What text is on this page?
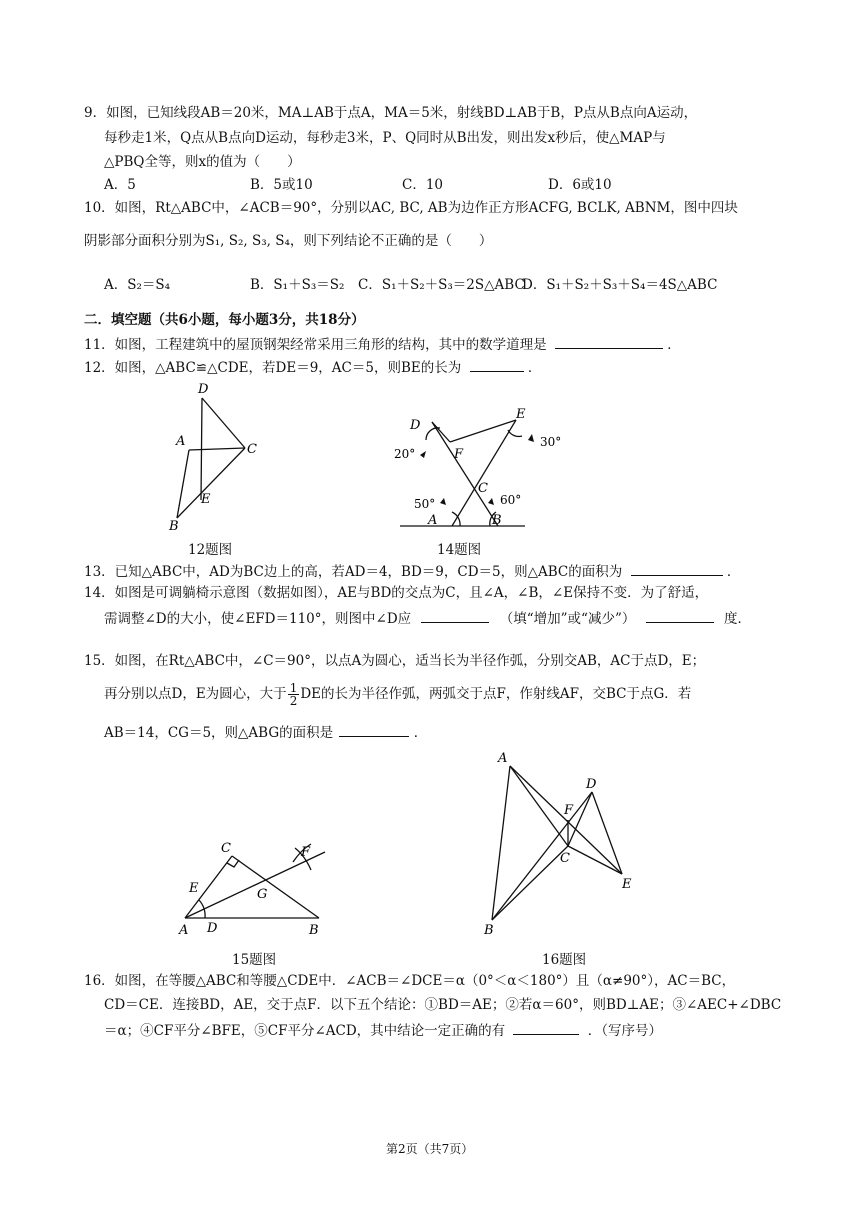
9．如图，已知线段AB＝20米，MA⊥AB于点A，MA＝5米，射线BD⊥AB于B，P点从B点向A运动，
每秒走1米，Q点从B点向D运动，每秒走3米，P、Q同时从B出发，则出发x秒后，使△MAP与
△PBQ全等，则x的值为（　　）
A．5	B．5或10	C．10	D．6或10
10．如图，Rt△ABC中，∠ACB＝90°，分别以AC, BC, AB为边作正方形ACFG, BCLK, ABNM，图中四块
阴影部分面积分别为S₁, S₂, S₃, S₄，则下列结论不正确的是（　　）
A．S₂＝S₄	B．S₁＋S₃＝S₂ C．S₁＋S₂＋S₃＝2S△ABC
D．S₁＋S₂＋S₃＋S₄＝4S△ABC
二．填空题（共6小题，每小题3分，共18分）
11．如图，工程建筑中的屋顶钢架经常采用三角形的结构，其中的数学道理是	．
12．如图，△ABC≌△CDE，若DE＝9，AC＝5，则BE的长为	．
D
A
C
E
B
12题图
D
E
F
C
A	B
20°
30°
50°	60°
14题图
13．已知△ABC中，AD为BC边上的高，若AD＝4，BD＝9，CD＝5，则△ABC的面积为	．
14．如图是可调躺椅示意图（数据如图），AE与BD的交点为C，且∠A，∠B，∠E保持不变．为了舒适，
需调整∠D的大小，使∠EFD＝110°，则图中∠D应	（填“增加”或“减少”）	度．
15．如图，在Rt△ABC中，∠C＝90°，以点A为圆心，适当长为半径作弧，分别交AB，AC于点D，E；
再分别以点D，E为圆心，大于 $\frac{1}{2}$ DE的长为半径作弧，两弧交于点F，作射线AF，交BC于点G．若
AB＝14，CG＝5，则△ABG的面积是	．
C	F
E	G
A D	B
15题图
A
D
F
C
E
B
16题图
16．如图，在等腰△ABC和等腰△CDE中．∠ACB＝∠DCE＝α（0°＜α＜180°）且（α≠90°），AC＝BC，
CD＝CE．连接BD，AE，交于点F．以下五个结论：①BD＝AE；②若α＝60°，则BD⊥AE；③∠AEC+∠DBC
＝α；④CF平分∠BFE，⑤CF平分∠ACD，其中结论一定正确的有	．（写序号）
第2页（共7页）
